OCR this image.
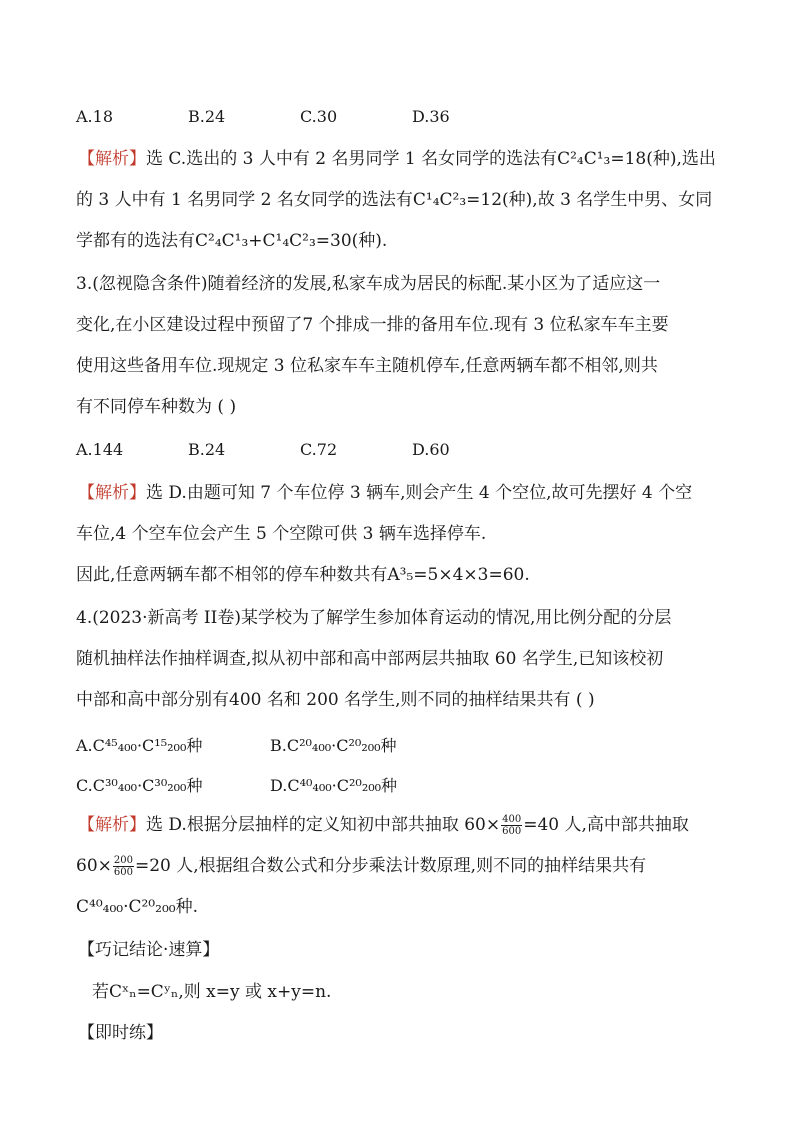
A.18	B.24	C.30	D.36
【解析】选 C.选出的 3 人中有 2 名男同学 1 名女同学的选法有C²₄C¹₃=18(种),选出
的 3 人中有 1 名男同学 2 名女同学的选法有C¹₄C²₃=12(种),故 3 名学生中男、女同
学都有的选法有C²₄C¹₃+C¹₄C²₃=30(种).
3.(忽视隐含条件)随着经济的发展,私家车成为居民的标配.某小区为了适应这一
变化,在小区建设过程中预留了7 个排成一排的备用车位.现有 3 位私家车车主要
使用这些备用车位.现规定 3 位私家车车主随机停车,任意两辆车都不相邻,则共
有不同停车种数为 ( )
A.144	B.24	C.72	D.60
【解析】选 D.由题可知 7 个车位停 3 辆车,则会产生 4 个空位,故可先摆好 4 个空
车位,4 个空车位会产生 5 个空隙可供 3 辆车选择停车.
因此,任意两辆车都不相邻的停车种数共有A³₅=5×4×3=60.
4.(2023·新高考 II卷)某学校为了解学生参加体育运动的情况,用比例分配的分层
随机抽样法作抽样调查,拟从初中部和高中部两层共抽取 60 名学生,已知该校初
中部和高中部分别有400 名和 200 名学生,则不同的抽样结果共有 ( )
A.C⁴⁵₄₀₀·C¹⁵₂₀₀种	B.C²⁰₄₀₀·C²⁰₂₀₀种
C.C³⁰₄₀₀·C³⁰₂₀₀种	D.C⁴⁰₄₀₀·C²⁰₂₀₀种
【解析】选 D.根据分层抽样的定义知初中部共抽取 $60\times \frac{400}{600} =40$ 人,高中部共抽取
$60\times \frac{200}{600} =20$ 人,根据组合数公式和分步乘法计数原理,则不同的抽样结果共有
C⁴⁰₄₀₀·C²⁰₂₀₀种.
【巧记结论·速算】
若Cˣₙ=Cʸₙ,则 x=y 或 x+y=n.
【即时练】
